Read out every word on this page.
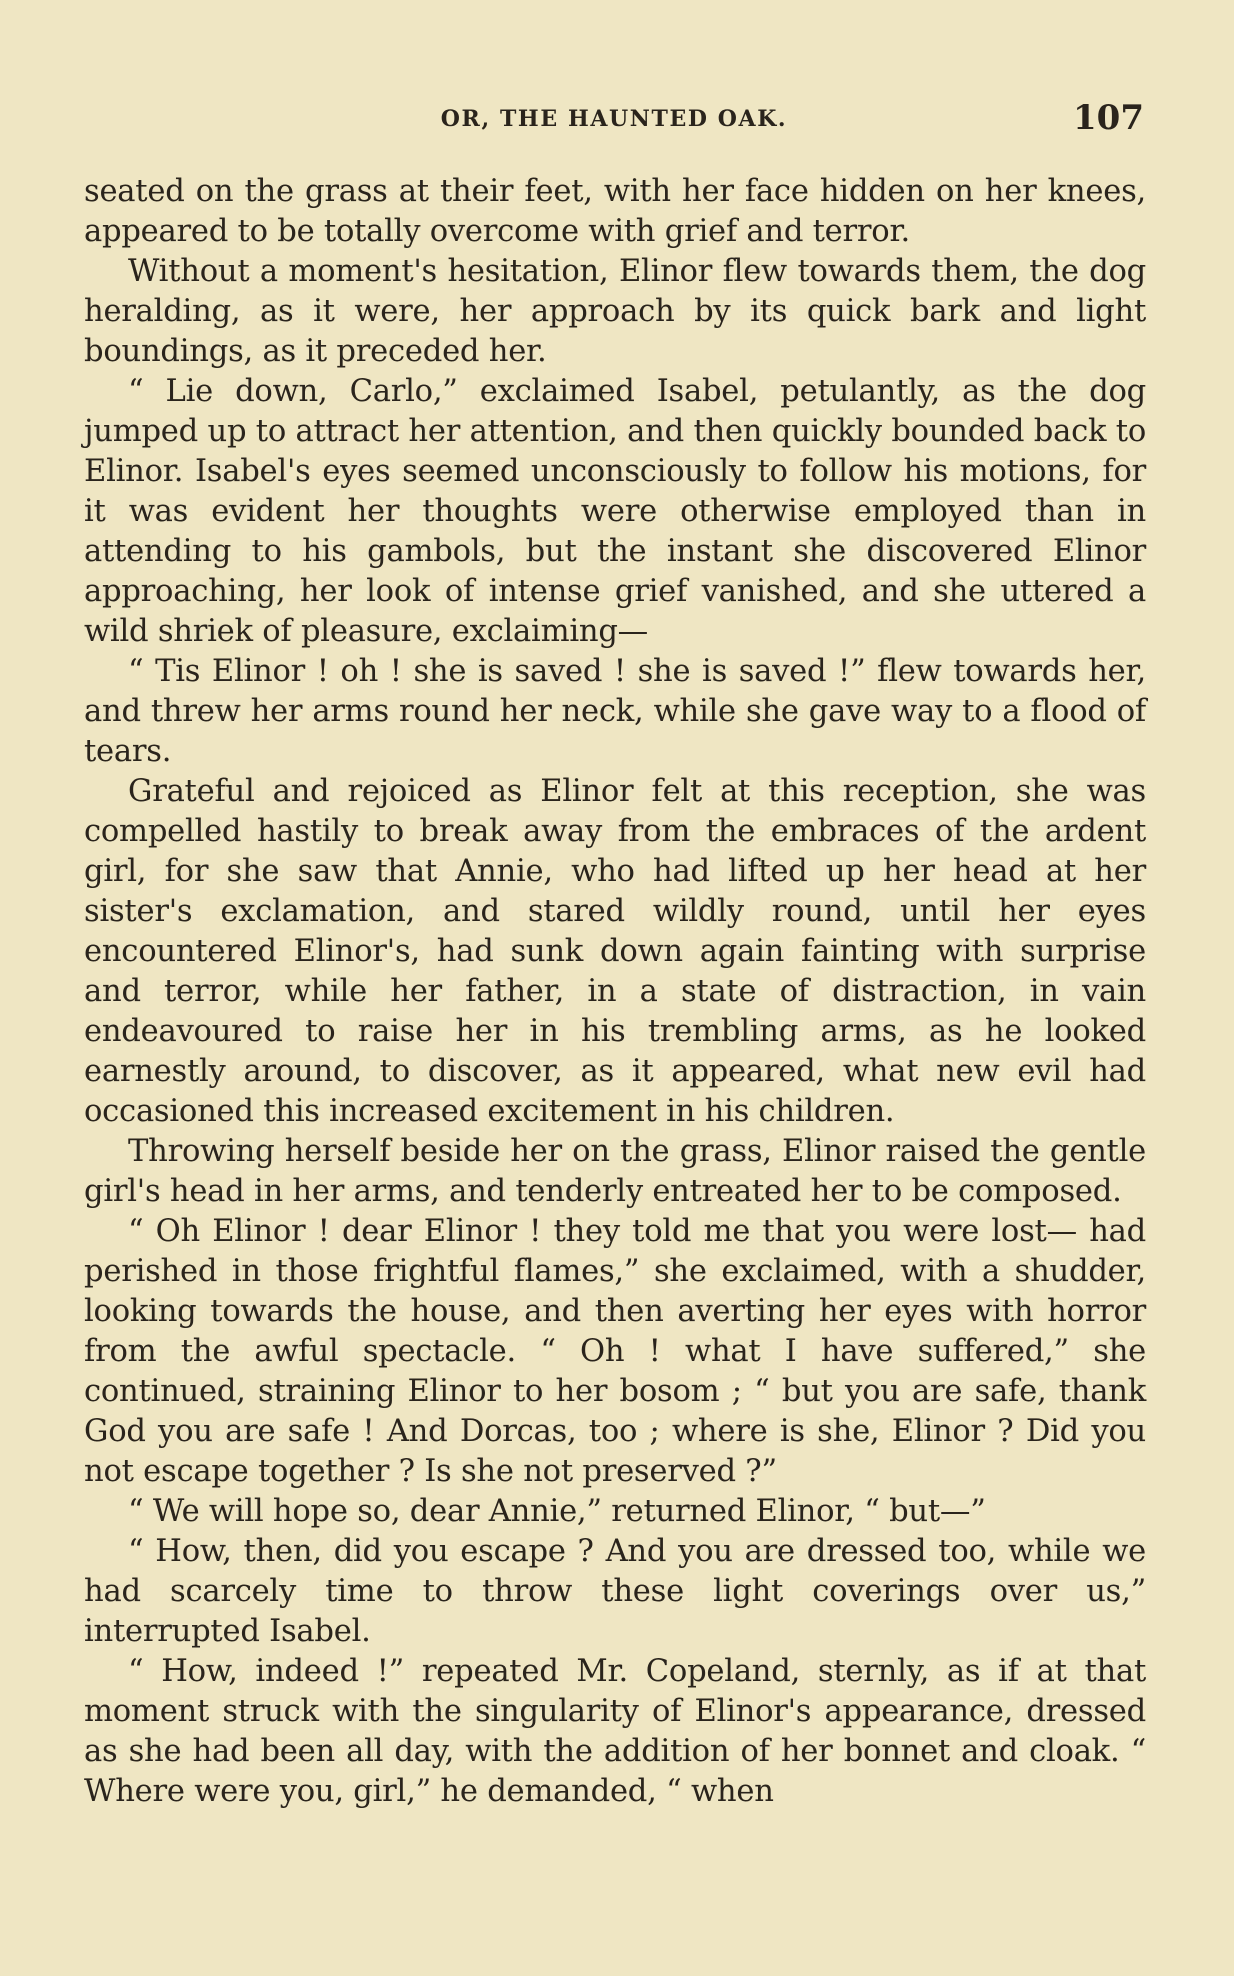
OR, THE HAUNTED OAK.	107

seated on the grass at their feet, with her face hidden on her knees, appeared to be totally overcome with grief and terror.

Without a moment's hesitation, Elinor flew towards them, the dog heralding, as it were, her approach by its quick bark and light boundings, as it preceded her.

“ Lie down, Carlo,” exclaimed Isabel, petulantly, as the dog jumped up to attract her attention, and then quickly bounded back to Elinor. Isabel's eyes seemed unconsciously to follow his motions, for it was evident her thoughts were otherwise employed than in attending to his gambols, but the instant she discovered Elinor approaching, her look of intense grief vanished, and she uttered a wild shriek of pleasure, exclaiming—

“ Tis Elinor ! oh ! she is saved ! she is saved !” flew towards her, and threw her arms round her neck, while she gave way to a flood of tears.

Grateful and rejoiced as Elinor felt at this reception, she was compelled hastily to break away from the embraces of the ardent girl, for she saw that Annie, who had lifted up her head at her sister's exclamation, and stared wildly round, until her eyes encountered Elinor's, had sunk down again fainting with surprise and terror, while her father, in a state of distraction, in vain endeavoured to raise her in his trembling arms, as he looked earnestly around, to discover, as it appeared, what new evil had occasioned this increased excitement in his children.

Throwing herself beside her on the grass, Elinor raised the gentle girl's head in her arms, and tenderly entreated her to be composed.

“ Oh Elinor ! dear Elinor ! they told me that you were lost— had perished in those frightful flames,” she exclaimed, with a shudder, looking towards the house, and then averting her eyes with horror from the awful spectacle. “ Oh ! what I have suffered,” she continued, straining Elinor to her bosom ; “ but you are safe, thank God you are safe ! And Dorcas, too ; where is she, Elinor ? Did you not escape together ? Is she not preserved ?”

“ We will hope so, dear Annie,” returned Elinor, “ but—”

“ How, then, did you escape ? And you are dressed too, while we had scarcely time to throw these light coverings over us,” interrupted Isabel.

“ How, indeed !” repeated Mr. Copeland, sternly, as if at that moment struck with the singularity of Elinor's appearance, dressed as she had been all day, with the addition of her bonnet and cloak. “ Where were you, girl,” he demanded, “ when
